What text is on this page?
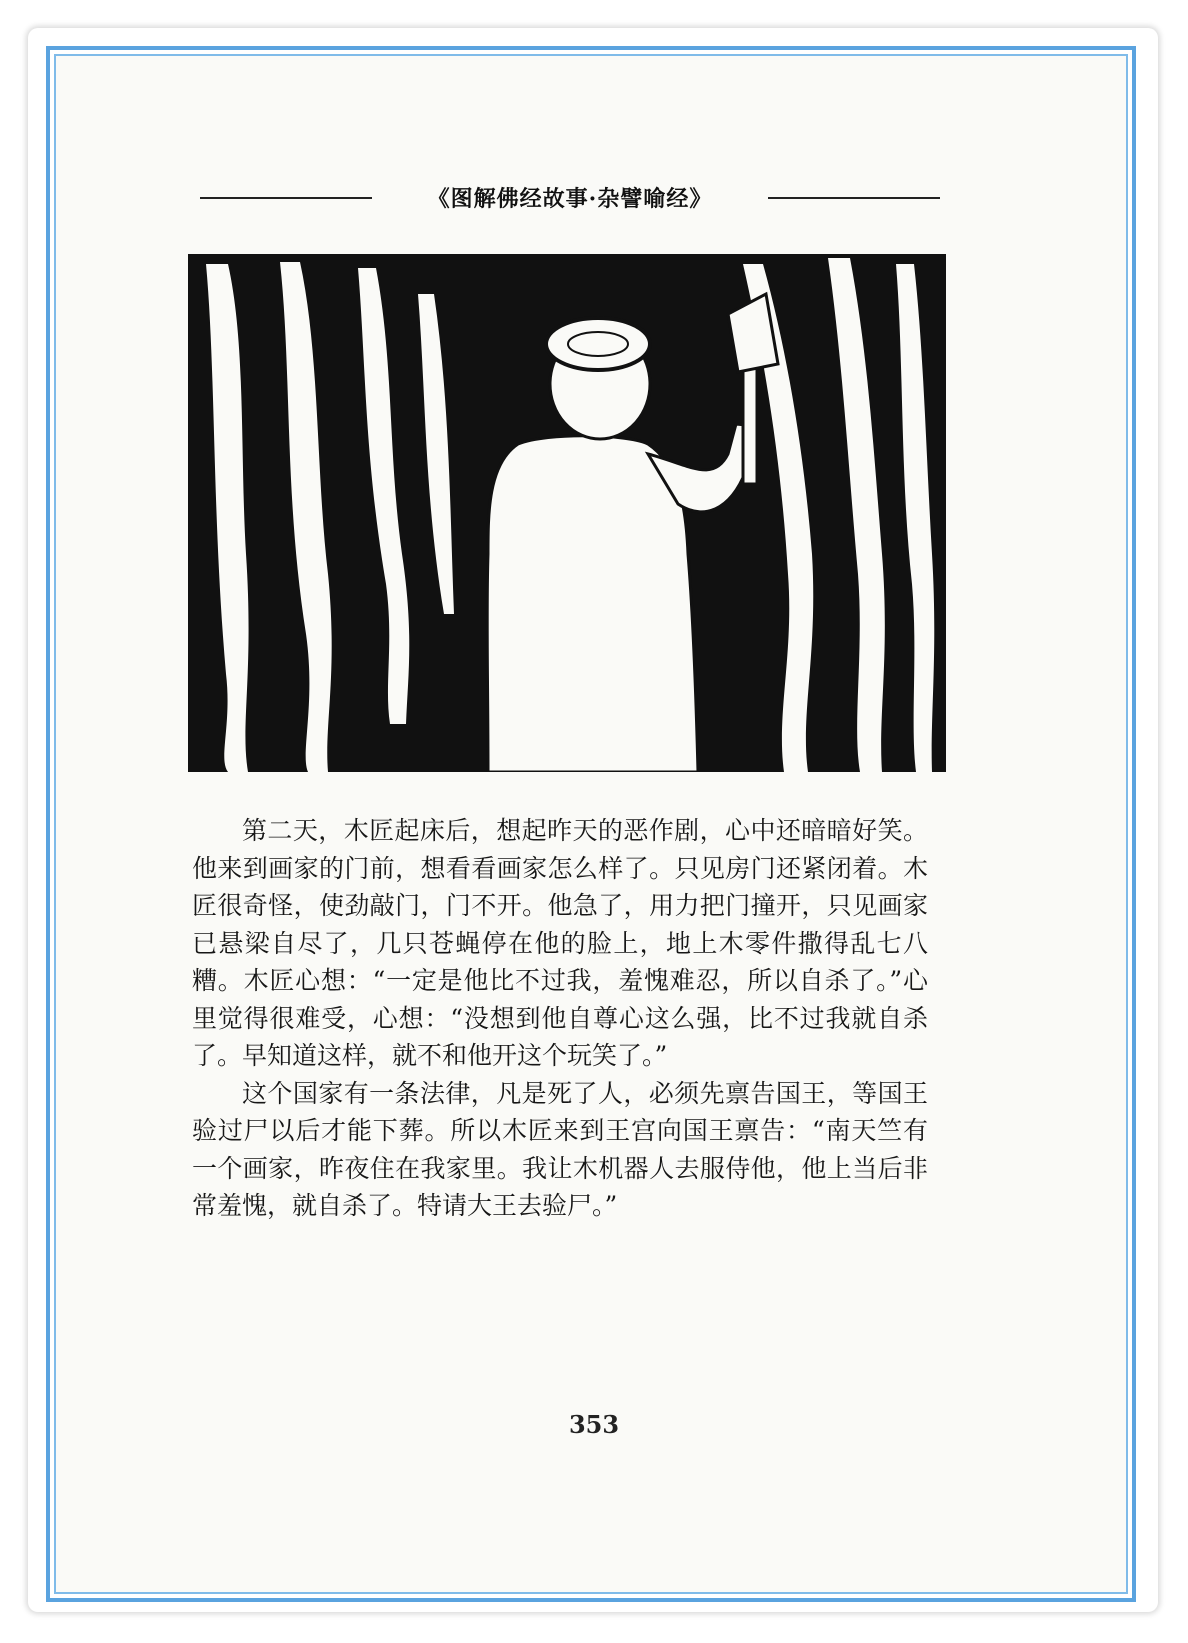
《图解佛经故事·杂譬喻经》

第二天，木匠起床后，想起昨天的恶作剧，心中还暗暗好笑。他来到画家的门前，想看看画家怎么样了。只见房门还紧闭着。木匠很奇怪，使劲敲门，门不开。他急了，用力把门撞开，只见画家已悬梁自尽了，几只苍蝇停在他的脸上，地上木零件撒得乱七八糟。木匠心想：“一定是他比不过我，羞愧难忍，所以自杀了。”心里觉得很难受，心想：“没想到他自尊心这么强，比不过我就自杀了。早知道这样，就不和他开这个玩笑了。”

这个国家有一条法律，凡是死了人，必须先禀告国王，等国王验过尸以后才能下葬。所以木匠来到王宫向国王禀告：“南天竺有一个画家，昨夜住在我家里。我让木机器人去服侍他，他上当后非常羞愧，就自杀了。特请大王去验尸。”

353
